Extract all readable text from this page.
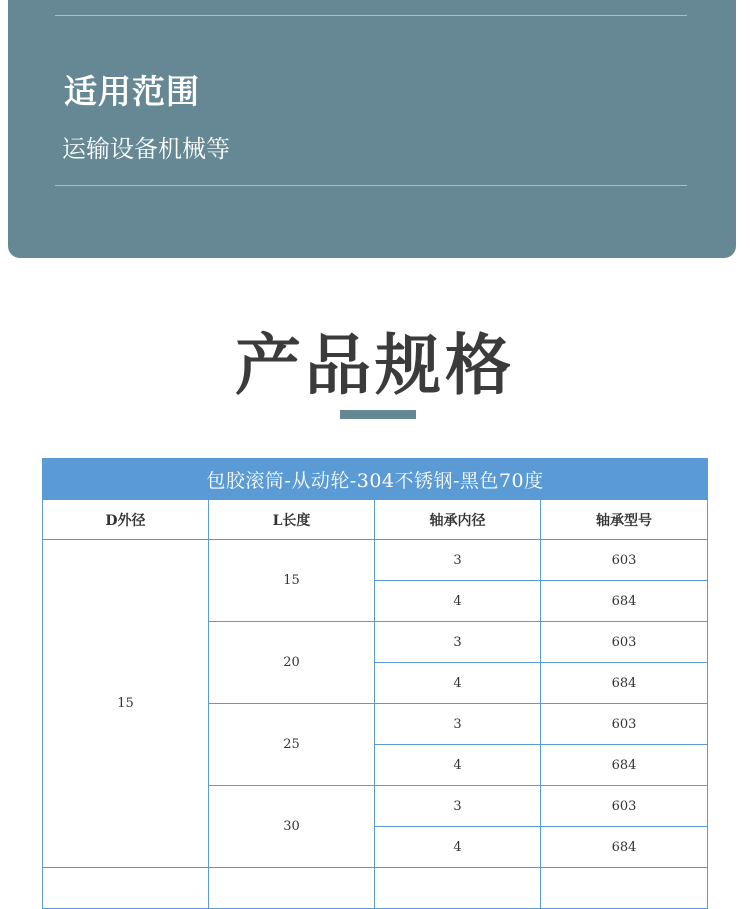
适用范围
运输设备机械等
产品规格
包胶滚筒-从动轮-304不锈钢-黑色70度			
D外径	L长度	轴承内径	轴承型号
15	15	3	603
		4	684
	20	3	603
		4	684
	25	3	603
		4	684
	30	3	603
		4	684
